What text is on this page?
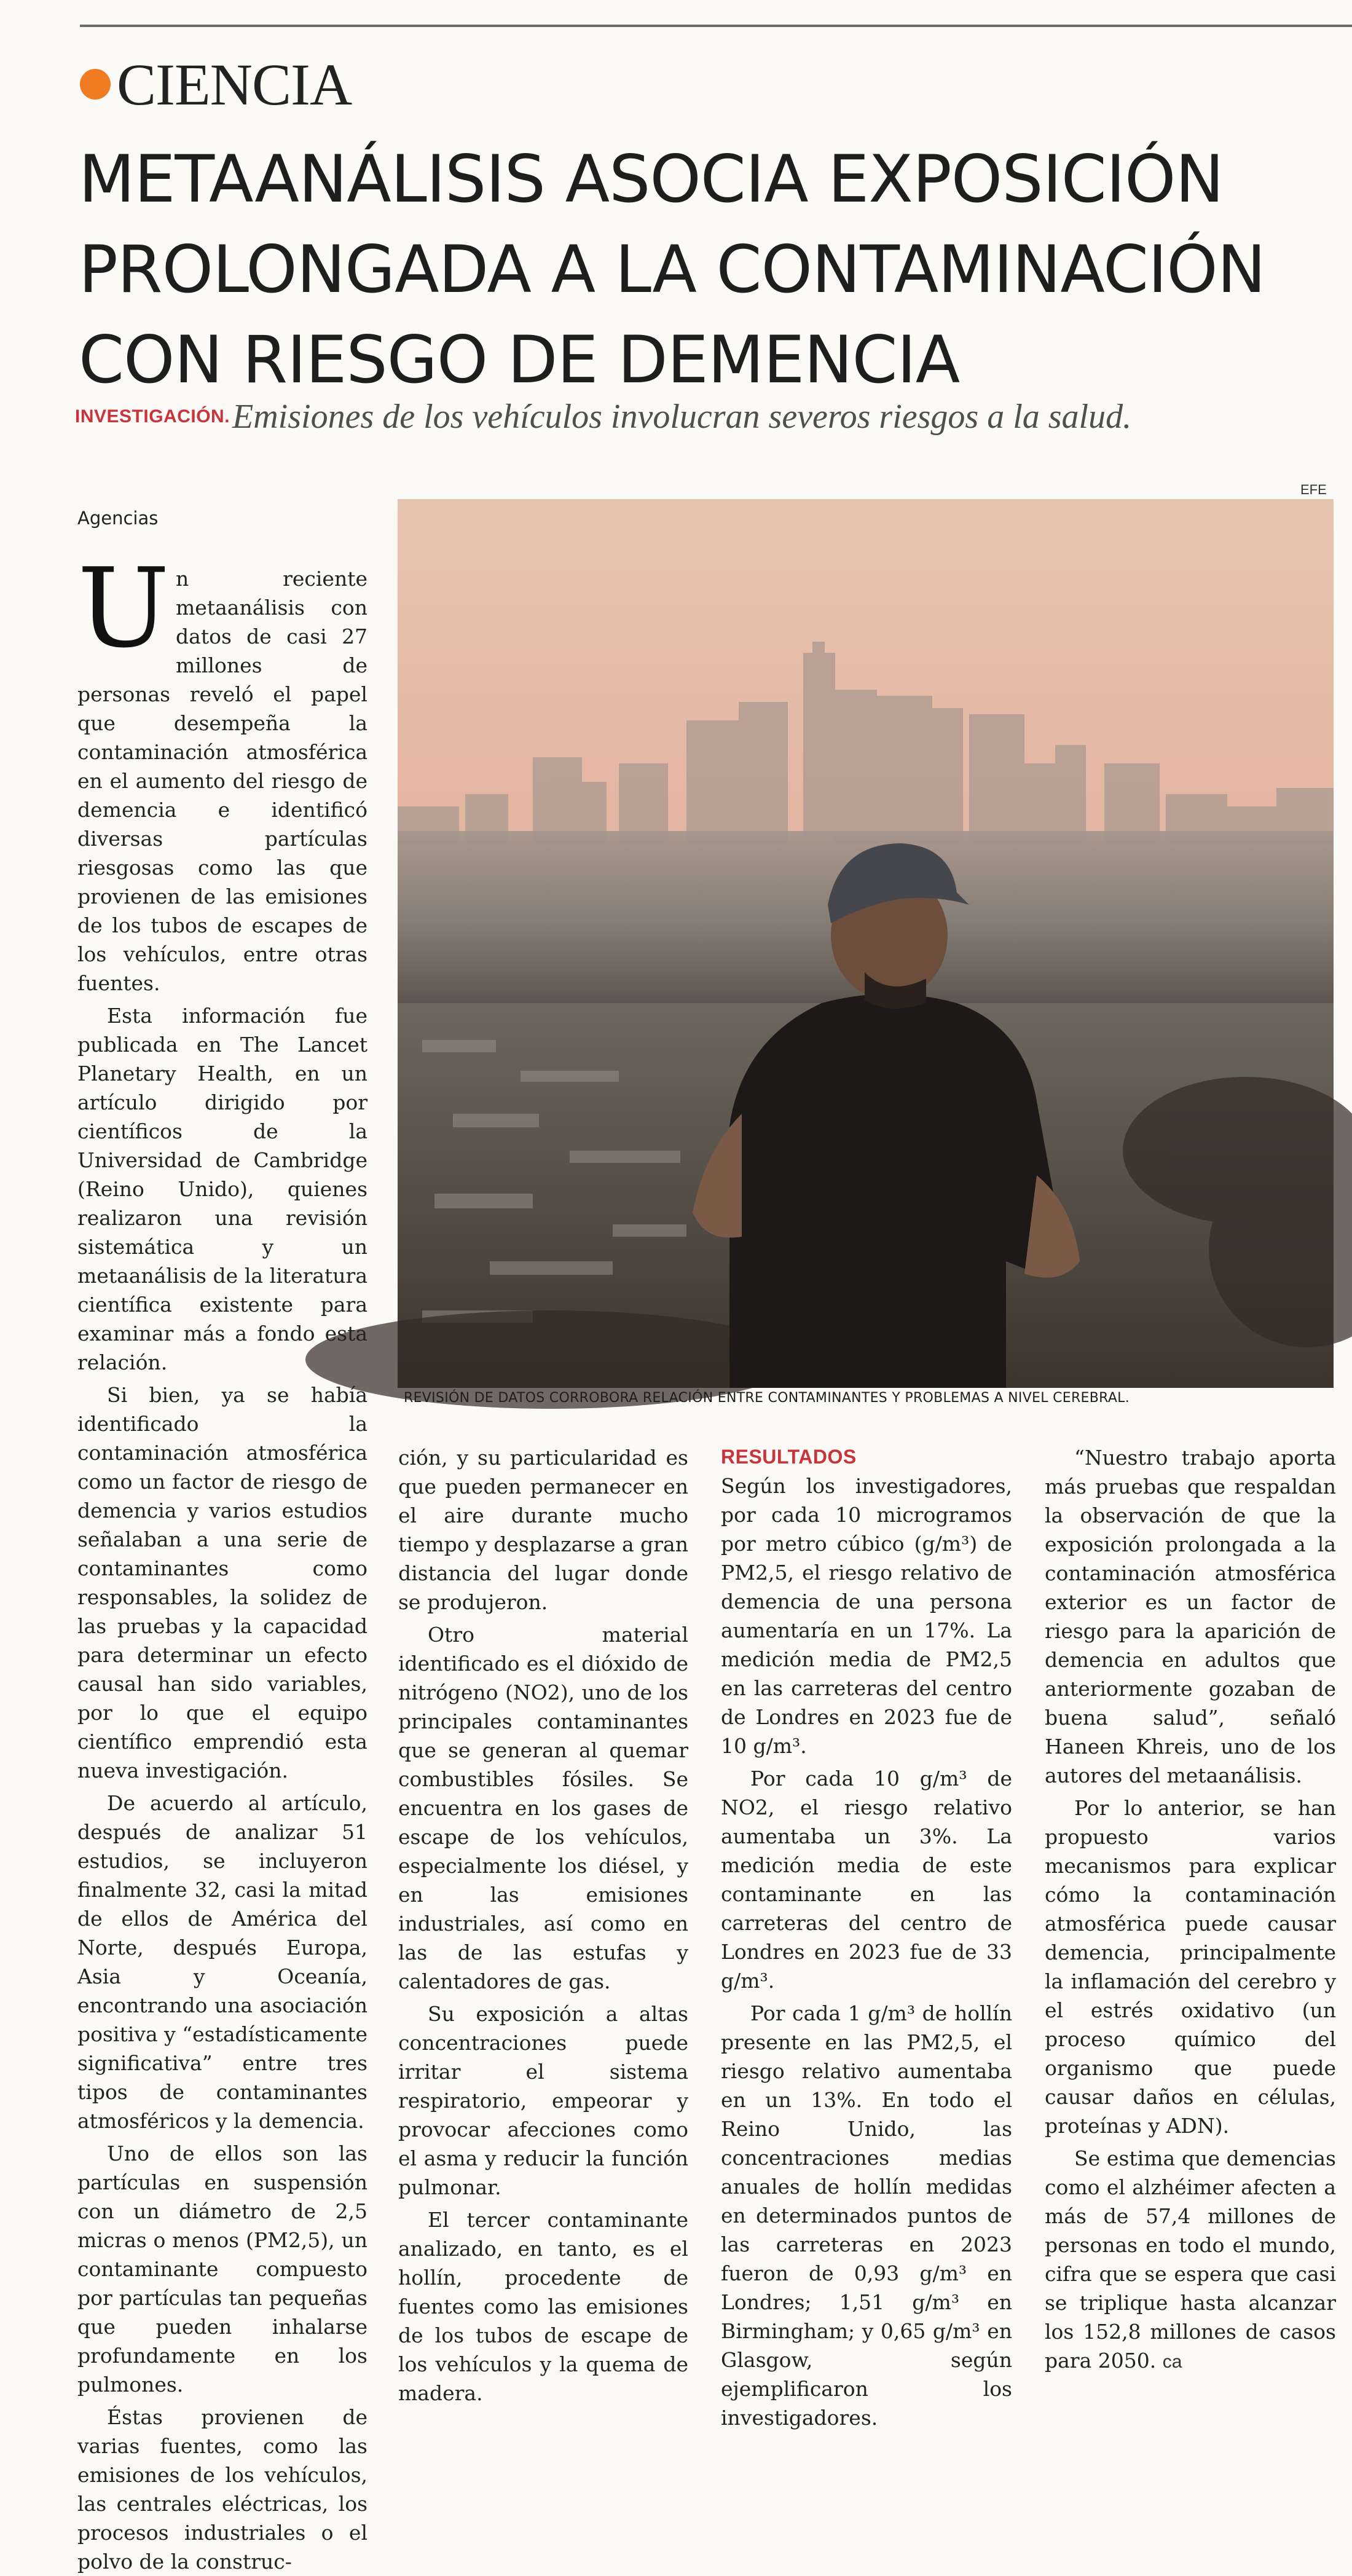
CIENCIA
METAANÁLISIS ASOCIA EXPOSICIÓN
PROLONGADA A LA CONTAMINACIÓN
CON RIESGO DE DEMENCIA
INVESTIGACIÓN. Emisiones de los vehículos involucran severos riesgos a la salud.
EFE
REVISIÓN DE DATOS CORROBORA RELACIÓN ENTRE CONTAMINANTES Y PROBLEMAS A NIVEL CEREBRAL.
Agencias

Un reciente metaanálisis con datos de casi 27 millones de personas reveló el papel que desempeña la contaminación atmosférica en el aumento del riesgo de demencia e identificó diversas partículas riesgosas como las que provienen de las emisiones de los tubos de escapes de los vehículos, entre otras fuentes.

Esta información fue publicada en The Lancet Planetary Health, en un artículo dirigido por científicos de la Universidad de Cambridge (Reino Unido), quienes realizaron una revisión sistemática y un metaanálisis de la literatura científica existente para examinar más a fondo esta relación.

Si bien, ya se había identificado la contaminación atmosférica como un factor de riesgo de demencia y varios estudios señalaban a una serie de contaminantes como responsables, la solidez de las pruebas y la capacidad para determinar un efecto causal han sido variables, por lo que el equipo científico emprendió esta nueva investigación.

De acuerdo al artículo, después de analizar 51 estudios, se incluyeron finalmente 32, casi la mitad de ellos de América del Norte, después Europa, Asia y Oceanía, encontrando una asociación positiva y “estadísticamente significativa” entre tres tipos de contaminantes atmosféricos y la demencia.

Uno de ellos son las partículas en suspensión con un diámetro de 2,5 micras o menos (PM2,5), un contaminante compuesto por partículas tan pequeñas que pueden inhalarse profundamente en los pulmones.

Éstas provienen de varias fuentes, como las emisiones de los vehículos, las centrales eléctricas, los procesos industriales o el polvo de la construc-

ción, y su particularidad es que pueden permanecer en el aire durante mucho tiempo y desplazarse a gran distancia del lugar donde se produjeron.

Otro material identificado es el dióxido de nitrógeno (NO2), uno de los principales contaminantes que se generan al quemar combustibles fósiles. Se encuentra en los gases de escape de los vehículos, especialmente los diésel, y en las emisiones industriales, así como en las de las estufas y calentadores de gas.

Su exposición a altas concentraciones puede irritar el sistema respiratorio, empeorar y provocar afecciones como el asma y reducir la función pulmonar.

El tercer contaminante analizado, en tanto, es el hollín, procedente de fuentes como las emisiones de los tubos de escape de los vehículos y la quema de madera.

RESULTADOS

Según los investigadores, por cada 10 microgramos por metro cúbico (g/m³) de PM2,5, el riesgo relativo de demencia de una persona aumentaría en un 17%. La medición media de PM2,5 en las carreteras del centro de Londres en 2023 fue de 10 g/m³.

Por cada 10 g/m³ de NO2, el riesgo relativo aumentaba un 3%. La medición media de este contaminante en las carreteras del centro de Londres en 2023 fue de 33 g/m³.

Por cada 1 g/m³ de hollín presente en las PM2,5, el riesgo relativo aumentaba en un 13%. En todo el Reino Unido, las concentraciones medias anuales de hollín medidas en determinados puntos de las carreteras en 2023 fueron de 0,93 g/m³ en Londres; 1,51 g/m³ en Birmingham; y 0,65 g/m³ en Glasgow, según ejemplificaron los investigadores.

“Nuestro trabajo aporta más pruebas que respaldan la observación de que la exposición prolongada a la contaminación atmosférica exterior es un factor de riesgo para la aparición de demencia en adultos que anteriormente gozaban de buena salud”, señaló Haneen Khreis, uno de los autores del metaanálisis.

Por lo anterior, se han propuesto varios mecanismos para explicar cómo la contaminación atmosférica puede causar demencia, principalmente la inflamación del cerebro y el estrés oxidativo (un proceso químico del organismo que puede causar daños en células, proteínas y ADN).

Se estima que demencias como el alzhéimer afecten a más de 57,4 millones de personas en todo el mundo, cifra que se espera que casi se triplique hasta alcanzar los 152,8 millones de casos para 2050. ca
